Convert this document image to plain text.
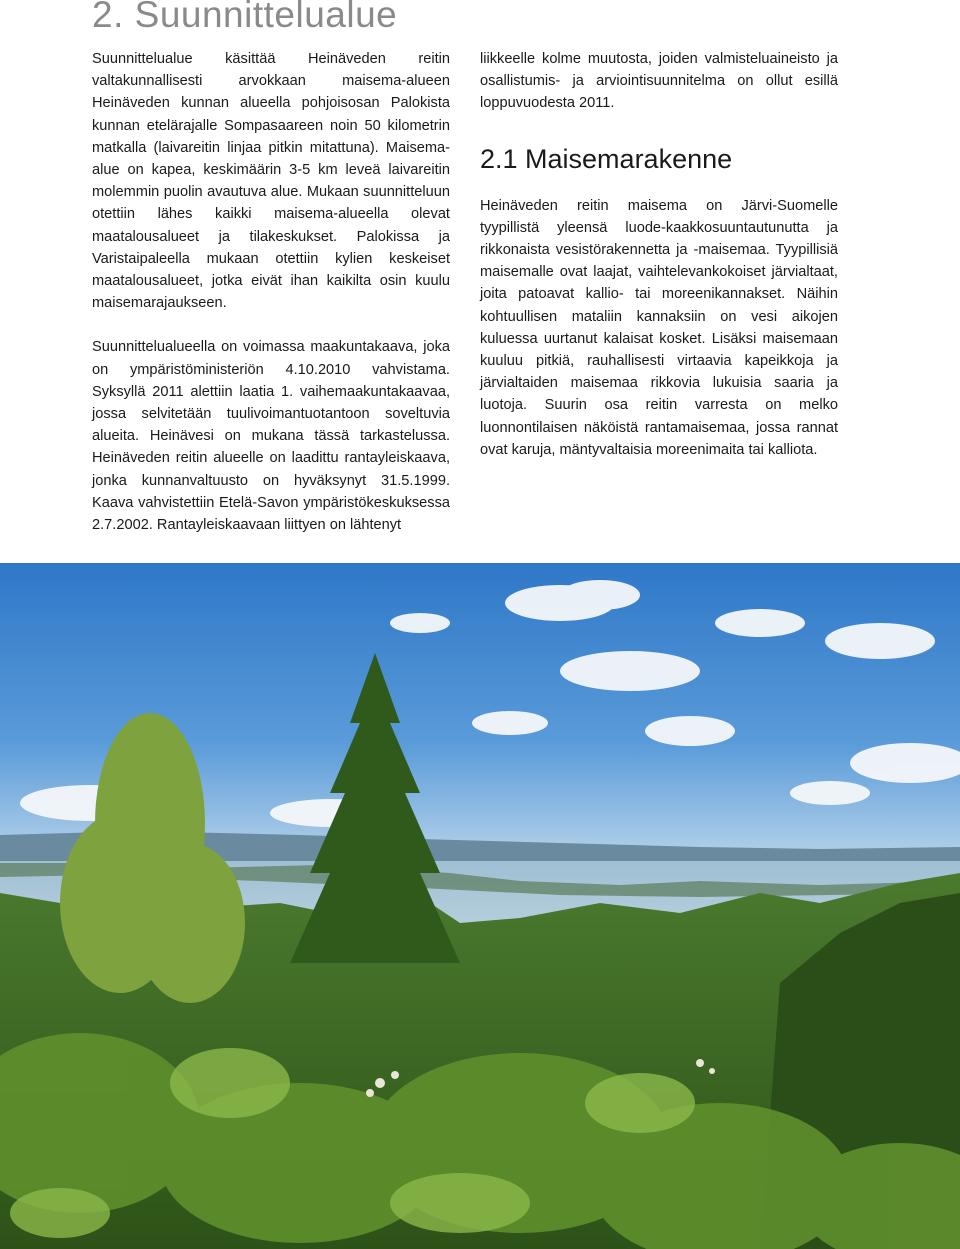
2. Suunnittelualue

Suunnittelualue käsittää Heinäveden reitin valtakunnallisesti arvokkaan maisema-alueen Heinäveden kunnan alueella pohjoisosan Palokista kunnan etelärajalle Sompasaareen noin 50 kilometrin matkalla (laivareitin linjaa pitkin mitattuna). Maisema-alue on kapea, keskimäärin 3-5 km leveä laivareitin molemmin puolin avautuva alue. Mukaan suunnitteluun otettiin lähes kaikki maisema-alueella olevat maatalousalueet ja tilakeskukset. Palokissa ja Varistaipaleella mukaan otettiin kylien keskeiset maatalousalueet, jotka eivät ihan kaikilta osin kuulu maisemarajaukseen.

Suunnittelualueella on voimassa maakuntakaava, joka on ympäristöministeriön 4.10.2010 vahvistama. Syksyllä 2011 alettiin laatia 1. vaihemaakuntakaavaa, jossa selvitetään tuulivoimantuotantoon soveltuvia alueita. Heinävesi on mukana tässä tarkastelussa. Heinäveden reitin alueelle on laadittu rantayleiskaava, jonka kunnanvaltuusto on hyväksynyt 31.5.1999. Kaava vahvistettiin Etelä-Savon ympäristökeskuksessa 2.7.2002. Rantayleiskaavaan liittyen on lähtenyt

liikkeelle kolme muutosta, joiden valmisteluaineisto ja osallistumis- ja arviointisuunnitelma on ollut esillä loppuvuodesta 2011.

2.1 Maisemarakenne

Heinäveden reitin maisema on Järvi-Suomelle tyypillistä yleensä luode-kaakkosuuntautunutta ja rikkonaista vesistörakennetta ja -maisemaa. Tyypillisiä maisemalle ovat laajat, vaihtelevankokoiset järvialtaat, joita patoavat kallio- tai moreenikannakset. Näihin kohtuullisen mataliin kannaksiin on vesi aikojen kuluessa uurtanut kalaisat kosket. Lisäksi maisemaan kuuluu pitkiä, rauhallisesti virtaavia kapeikkoja ja järvialtaiden maisemaa rikkovia lukuisia saaria ja luotoja. Suurin osa reitin varresta on melko luonnontilaisen näköistä rantamaisemaa, jossa rannat ovat karuja, mäntyvaltaisia moreenimaita tai kalliota.
